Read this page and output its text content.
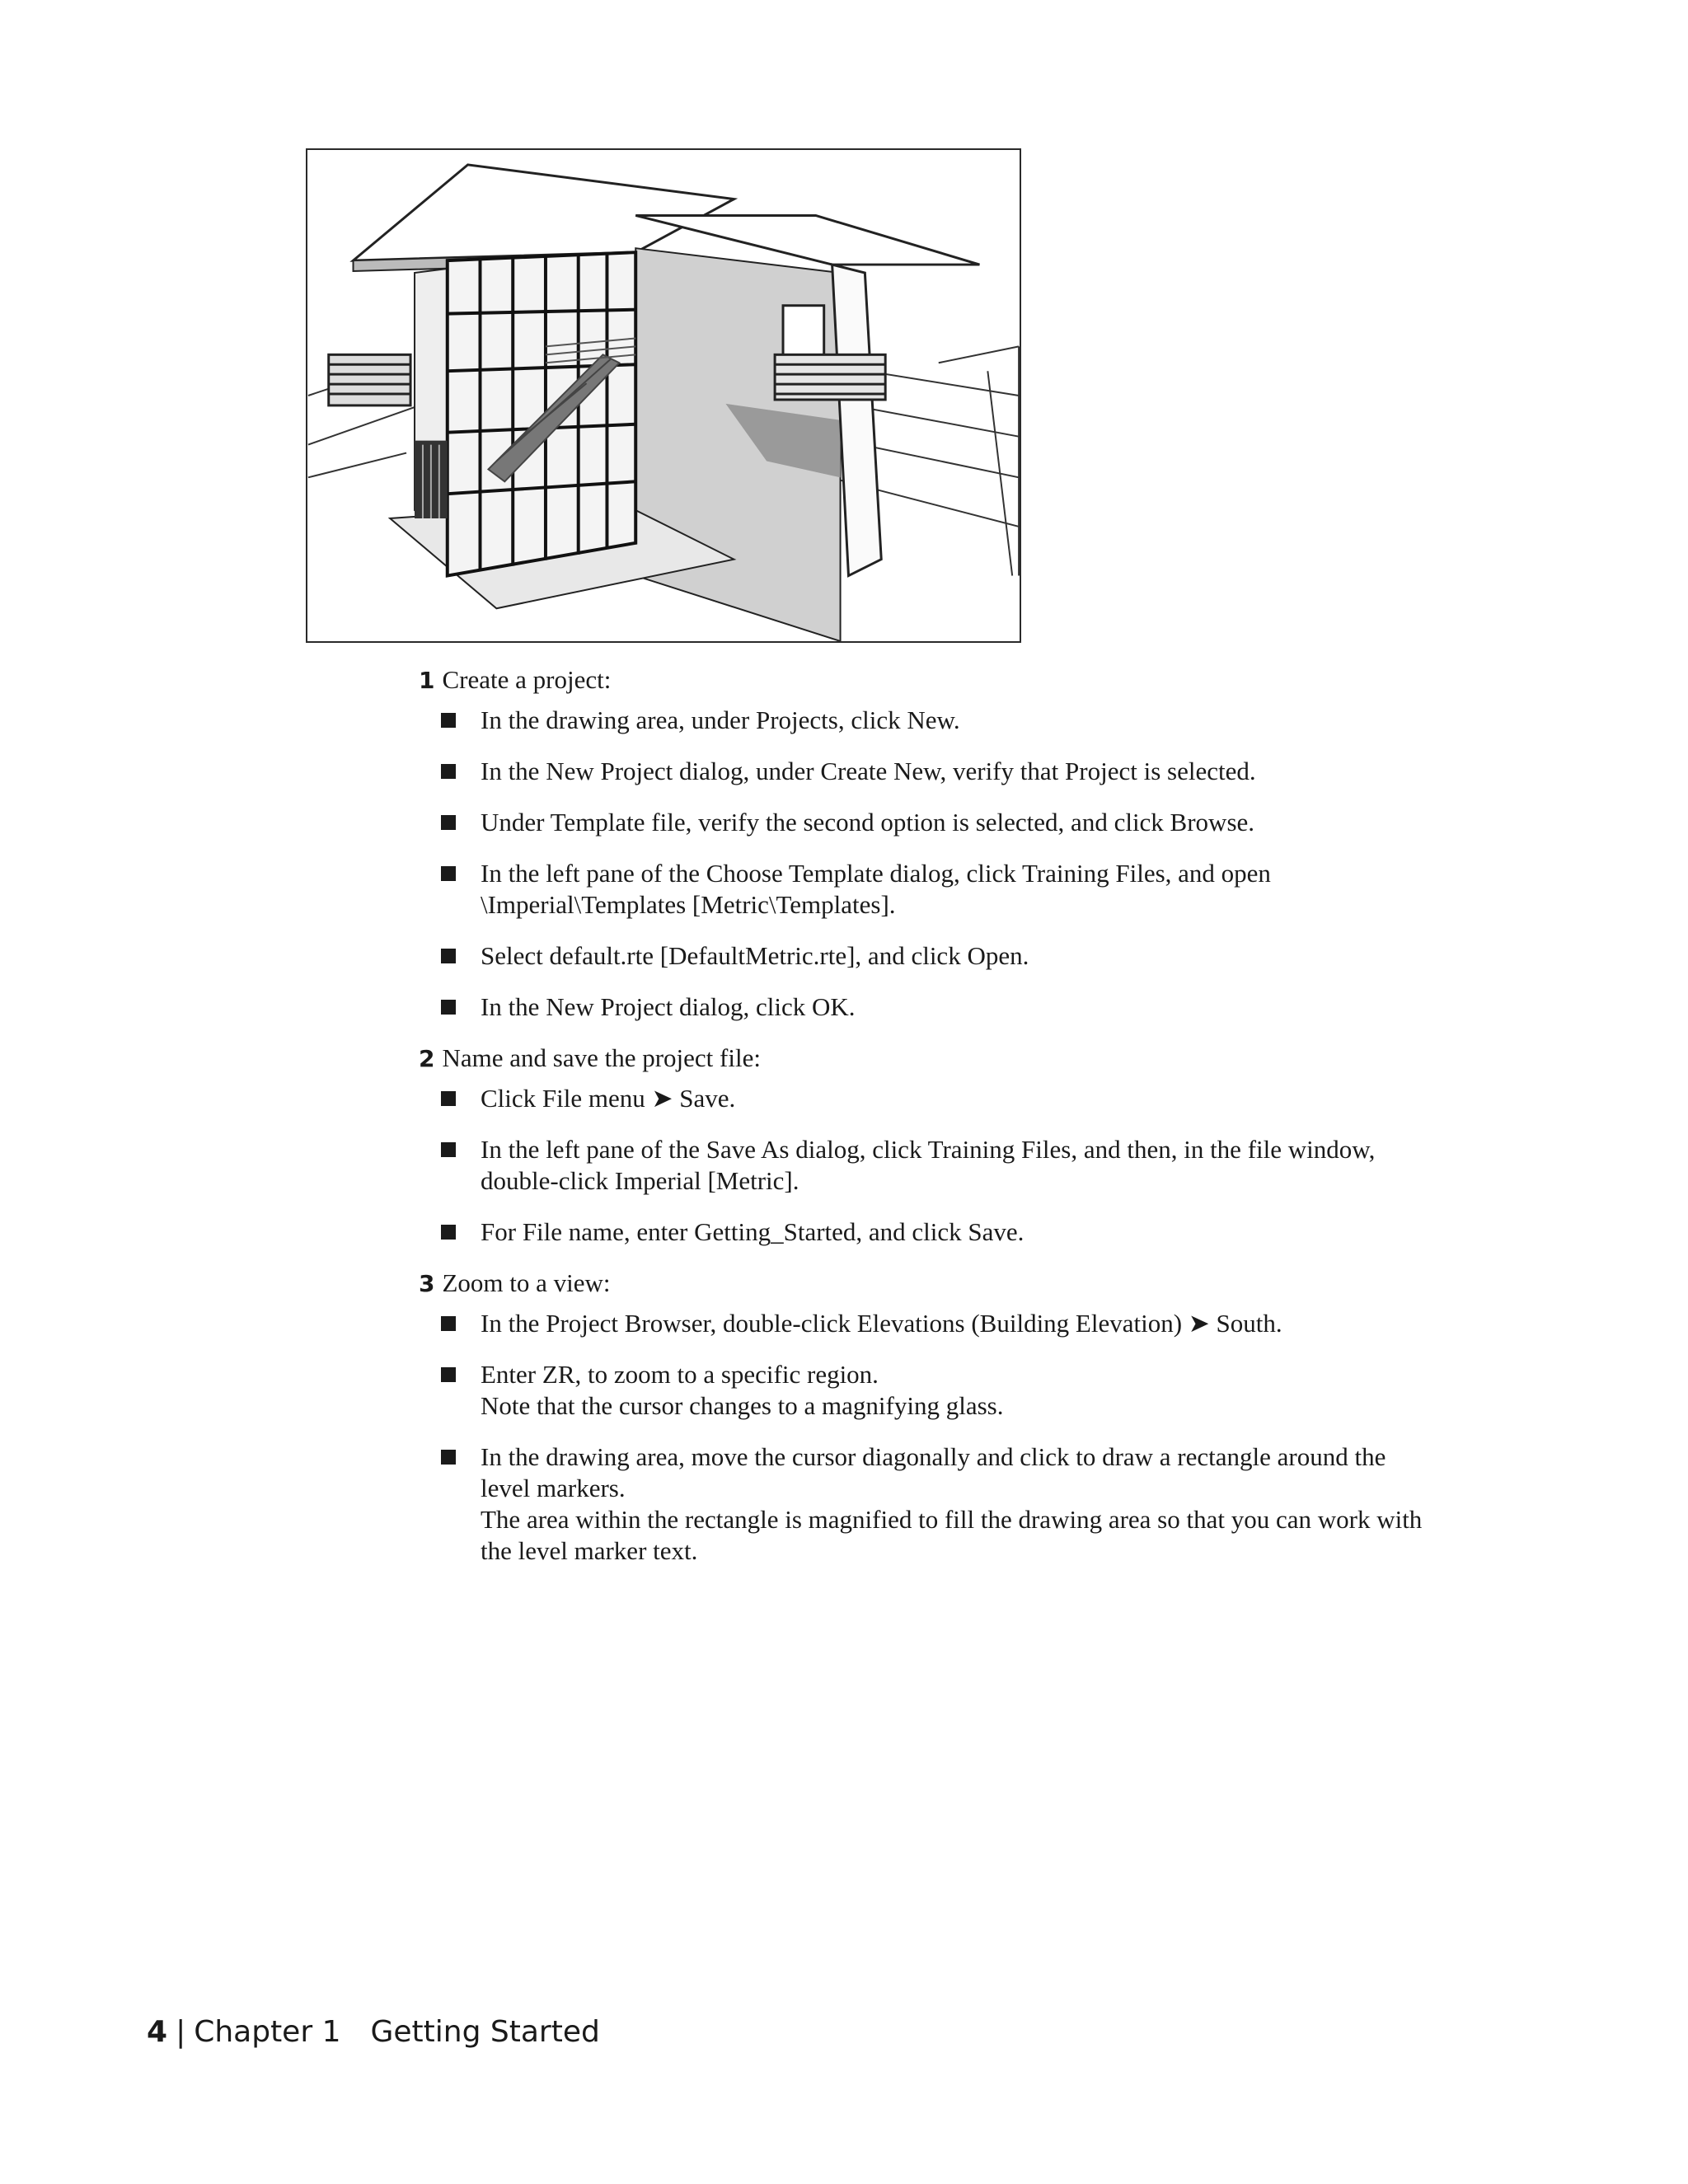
1 Create a project:
In the drawing area, under Projects, click New.
In the New Project dialog, under Create New, verify that Project is selected.
Under Template file, verify the second option is selected, and click Browse.
In the left pane of the Choose Template dialog, click Training Files, and open
\Imperial\Templates [Metric\Templates].
Select default.rte [DefaultMetric.rte], and click Open.
In the New Project dialog, click OK.
2 Name and save the project file:
Click File menu ➤ Save.
In the left pane of the Save As dialog, click Training Files, and then, in the file window,
double-click Imperial [Metric].
For File name, enter Getting_Started, and click Save.
3 Zoom to a view:
In the Project Browser, double-click Elevations (Building Elevation) ➤ South.
Enter ZR, to zoom to a specific region.
Note that the cursor changes to a magnifying glass.
In the drawing area, move the cursor diagonally and click to draw a rectangle around the
level markers.
The area within the rectangle is magnified to fill the drawing area so that you can work with
the level marker text.
4 | Chapter 1 Getting Started
